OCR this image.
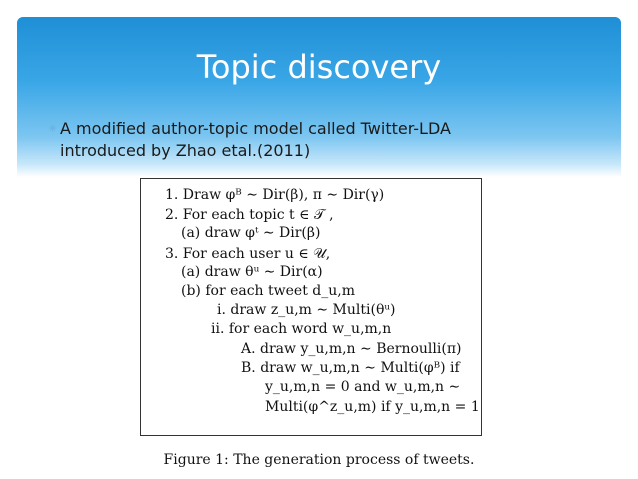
Topic discovery
✳ A modified author-topic model called Twitter-LDA
introduced by Zhao etal.(2011)
1. Draw φᴮ ∼ Dir(β), π ∼ Dir(γ)
2. For each topic t ∈ 𝒯 ,
(a) draw φᵗ ∼ Dir(β)
3. For each user u ∈ 𝒰,
(a) draw θᵘ ∼ Dir(α)
(b) for each tweet d_u,m
i. draw z_u,m ∼ Multi(θᵘ)
ii. for each word w_u,m,n
A. draw y_u,m,n ∼ Bernoulli(π)
B. draw w_u,m,n ∼ Multi(φᴮ) if
y_u,m,n = 0 and w_u,m,n ∼
Multi(φ^z_u,m) if y_u,m,n = 1
Figure 1: The generation process of tweets.
